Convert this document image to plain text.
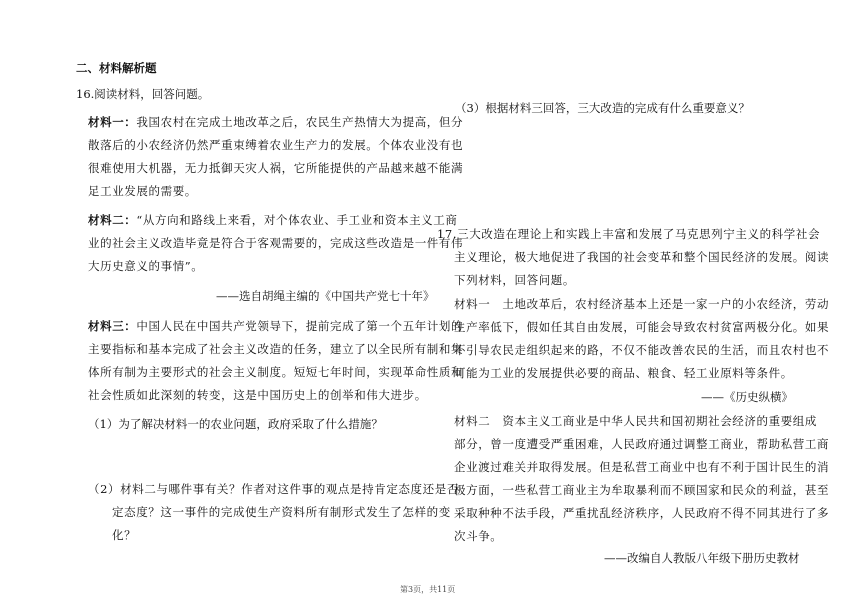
二、材料解析题
16.阅读材料，回答问题。
材料一：我国农村在完成土地改革之后，农民生产热情大为提高，但分
散落后的小农经济仍然严重束缚着农业生产力的发展。个体农业没有也
很难使用大机器，无力抵御天灾人祸，它所能提供的产品越来越不能满
足工业发展的需要。
材料二：“从方向和路线上来看，对个体农业、手工业和资本主义工商
业的社会主义改造毕竟是符合于客观需要的，完成这些改造是一件有伟
大历史意义的事情”。
——选自胡绳主编的《中国共产党七十年》
材料三：中国人民在中国共产党领导下，提前完成了第一个五年计划的
主要指标和基本完成了社会主义改造的任务，建立了以全民所有制和集
体所有制为主要形式的社会主义制度。短短七年时间，实现革命性质和
社会性质如此深刻的转变，这是中国历史上的创举和伟大进步。
（1）为了解决材料一的农业问题，政府采取了什么措施？
（2）材料二与哪件事有关？作者对这件事的观点是持肯定态度还是否
定态度？这一事件的完成使生产资料所有制形式发生了怎样的变
化？
（3）根据材料三回答，三大改造的完成有什么重要意义？
17.三大改造在理论上和实践上丰富和发展了马克思列宁主义的科学社会
主义理论，极大地促进了我国的社会变革和整个国民经济的发展。阅读
下列材料，回答问题。
材料一　土地改革后，农村经济基本上还是一家一户的小农经济，劳动
生产率低下，假如任其自由发展，可能会导致农村贫富两极分化。如果
不引导农民走组织起来的路，不仅不能改善农民的生活，而且农村也不
可能为工业的发展提供必要的商品、粮食、轻工业原料等条件。
——《历史纵横》
材料二　资本主义工商业是中华人民共和国初期社会经济的重要组成
部分，曾一度遭受严重困难，人民政府通过调整工商业，帮助私营工商
企业渡过难关并取得发展。但是私营工商业中也有不利于国计民生的消
极方面，一些私营工商业主为牟取暴利而不顾国家和民众的利益，甚至
采取种种不法手段，严重扰乱经济秩序，人民政府不得不同其进行了多
次斗争。
——改编自人教版八年级下册历史教材
第3页，共11页
